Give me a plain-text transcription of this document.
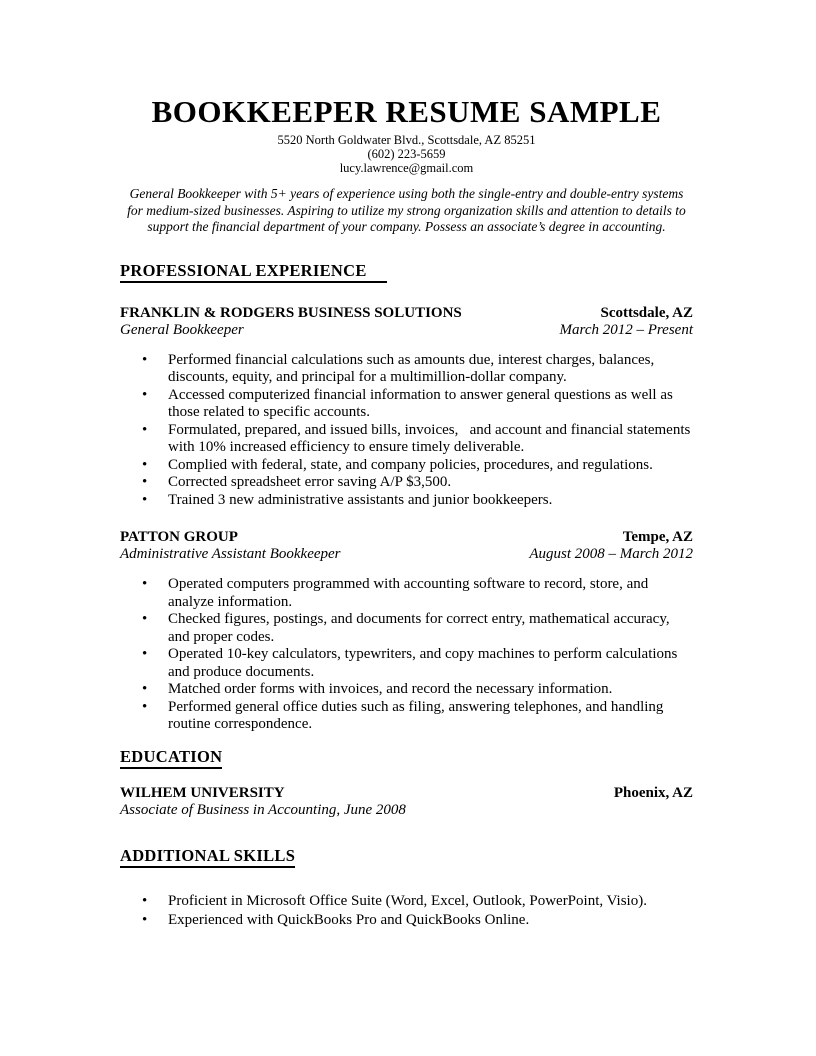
BOOKKEEPER RESUME SAMPLE
5520 North Goldwater Blvd., Scottsdale, AZ 85251
(602) 223-5659
lucy.lawrence@gmail.com

General Bookkeeper with 5+ years of experience using both the single-entry and double-entry systems for medium-sized businesses. Aspiring to utilize my strong organization skills and attention to details to support the financial department of your company. Possess an associate’s degree in accounting.

PROFESSIONAL EXPERIENCE
FRANKLIN & RODGERS BUSINESS SOLUTIONS	Scottsdale, AZ
General Bookkeeper	March 2012 – Present
• Performed financial calculations such as amounts due, interest charges, balances, discounts, equity, and principal for a multimillion-dollar company.
• Accessed computerized financial information to answer general questions as well as those related to specific accounts.
• Formulated, prepared, and issued bills, invoices,   and account and financial statements with 10% increased efficiency to ensure timely deliverable.
• Complied with federal, state, and company policies, procedures, and regulations.
• Corrected spreadsheet error saving A/P $3,500.
• Trained 3 new administrative assistants and junior bookkeepers.
PATTON GROUP	Tempe, AZ
Administrative Assistant Bookkeeper	August 2008 – March 2012
• Operated computers programmed with accounting software to record, store, and analyze information.
• Checked figures, postings, and documents for correct entry, mathematical accuracy, and proper codes.
• Operated 10-key calculators, typewriters, and copy machines to perform calculations and produce documents.
• Matched order forms with invoices, and record the necessary information.
• Performed general office duties such as filing, answering telephones, and handling routine correspondence.
EDUCATION
WILHEM UNIVERSITY	Phoenix, AZ
Associate of Business in Accounting, June 2008
ADDITIONAL SKILLS
• Proficient in Microsoft Office Suite (Word, Excel, Outlook, PowerPoint, Visio).
• Experienced with QuickBooks Pro and QuickBooks Online.
